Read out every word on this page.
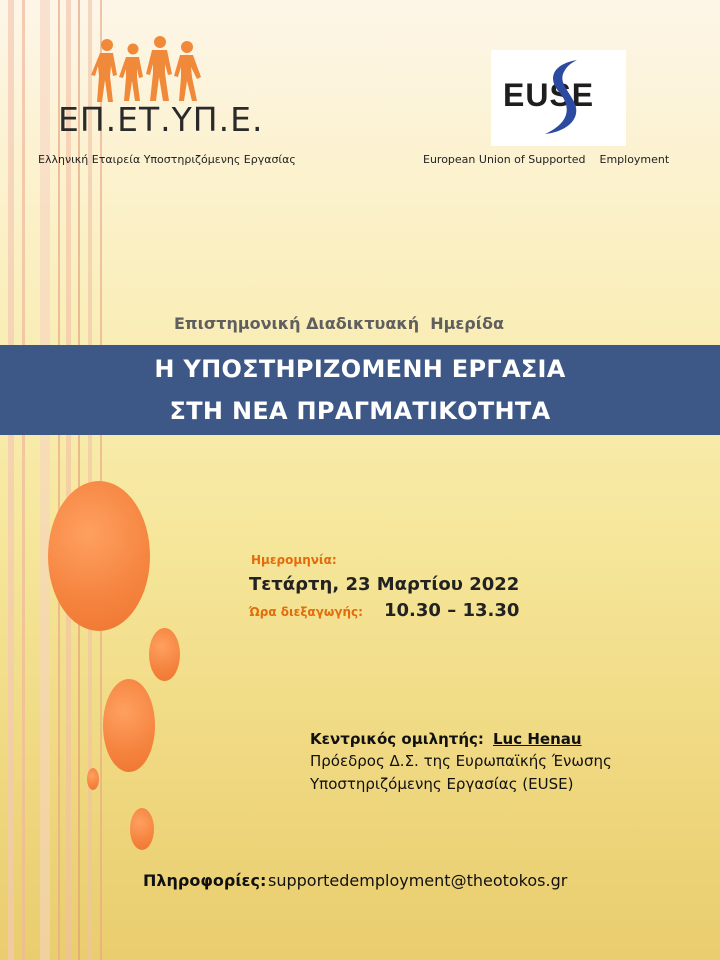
ΕΠ.ΕΤ.ΥΠ.Ε.
Ελληνική Εταιρεία Υποστηριζόμενης Εργασίας
EUSE
European Union of Supported    Employment
Επιστημονική Διαδικτυακή  Ημερίδα
Η ΥΠΟΣΤΗΡΙΖΟΜΕΝΗ ΕΡΓΑΣΙΑ
ΣΤΗ ΝΕΑ ΠΡΑΓΜΑΤΙΚΟΤΗΤΑ
Ημερομηνία:
Τετάρτη, 23 Μαρτίου 2022
Ώρα διεξαγωγής: 10.30 – 13.30
Κεντρικός ομιλητής: Luc Henau
Πρόεδρος Δ.Σ. της Ευρωπαϊκής Ένωσης
Υποστηριζόμενης Εργασίας (EUSE)
Πληροφορίες: supportedemployment@theotokos.gr
